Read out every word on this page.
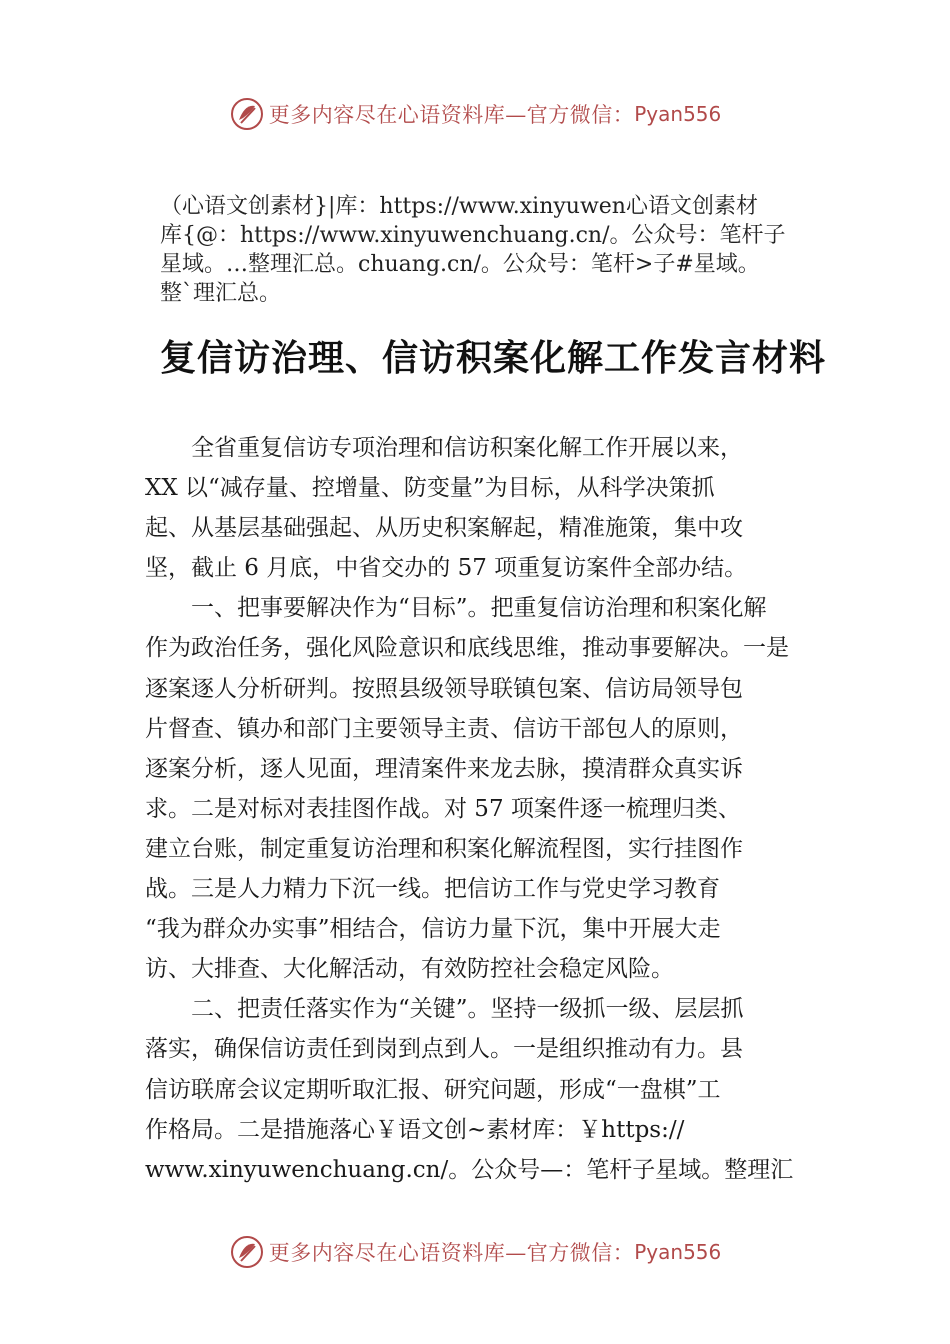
更多内容尽在心语资料库—官方微信： Pyan556
（心语文创素材}|库：https://www.xinyuwen心语文创素材
库{@：https://www.xinyuwenchuang.cn/。公众号：笔杆子
星域。…整理汇总。chuang.cn/。公众号：笔杆>子#星域。
整`理汇总。
复信访治理、信访积案化解工作发言材料
　　全省重复信访专项治理和信访积案化解工作开展以来，
XX 以“减存量、控增量、防变量”为目标，从科学决策抓
起、从基层基础强起、从历史积案解起，精准施策，集中攻
坚，截止 6 月底，中省交办的 57 项重复访案件全部办结。
　　一、把事要解决作为“目标”。把重复信访治理和积案化解
作为政治任务，强化风险意识和底线思维，推动事要解决。一是
逐案逐人分析研判。按照县级领导联镇包案、信访局领导包
片督查、镇办和部门主要领导主责、信访干部包人的原则，
逐案分析，逐人见面，理清案件来龙去脉，摸清群众真实诉
求。二是对标对表挂图作战。对 57 项案件逐一梳理归类、
建立台账，制定重复访治理和积案化解流程图，实行挂图作
战。三是人力精力下沉一线。把信访工作与党史学习教育
“我为群众办实事”相结合，信访力量下沉，集中开展大走
访、大排查、大化解活动，有效防控社会稳定风险。
　　二、把责任落实作为“关键”。坚持一级抓一级、层层抓
落实，确保信访责任到岗到点到人。一是组织推动有力。县
信访联席会议定期听取汇报、研究问题，形成“一盘棋”工
作格局。二是措施落心￥语文创~素材库：￥https://
www.xinyuwenchuang.cn/。公众号—：笔杆子星域。整理汇
更多内容尽在心语资料库—官方微信： Pyan556
